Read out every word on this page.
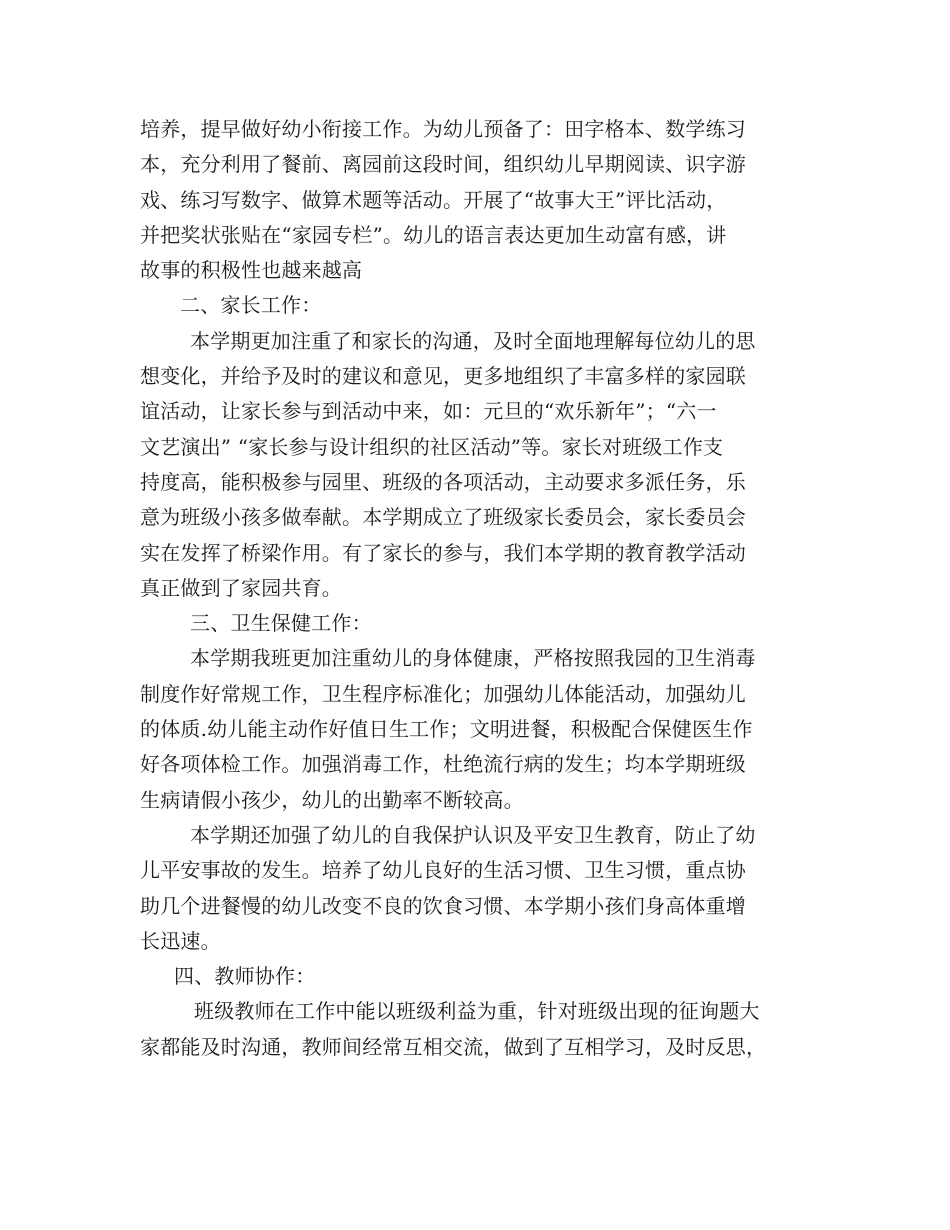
培养，提早做好幼小衔接工作。为幼儿预备了：田字格本、数学练习
本，充分利用了餐前、离园前这段时间，组织幼儿早期阅读、识字游
戏、练习写数字、做算术题等活动。开展了“故事大王”评比活动，
并把奖状张贴在“家园专栏”。幼儿的语言表达更加生动富有感，讲
故事的积极性也越来越高
二、家长工作：
本学期更加注重了和家长的沟通，及时全面地理解每位幼儿的思
想变化，并给予及时的建议和意见，更多地组织了丰富多样的家园联
谊活动，让家长参与到活动中来，如：元旦的“欢乐新年”；“六一
文艺演出” “家长参与设计组织的社区活动”等。家长对班级工作支
持度高，能积极参与园里、班级的各项活动，主动要求多派任务，乐
意为班级小孩多做奉献。本学期成立了班级家长委员会，家长委员会
实在发挥了桥梁作用。有了家长的参与，我们本学期的教育教学活动
真正做到了家园共育。
三、卫生保健工作：
本学期我班更加注重幼儿的身体健康，严格按照我园的卫生消毒
制度作好常规工作，卫生程序标准化；加强幼儿体能活动，加强幼儿
的体质.幼儿能主动作好值日生工作；文明进餐，积极配合保健医生作
好各项体检工作。加强消毒工作，杜绝流行病的发生；均本学期班级
生病请假小孩少，幼儿的出勤率不断较高。
本学期还加强了幼儿的自我保护认识及平安卫生教育，防止了幼
儿平安事故的发生。培养了幼儿良好的生活习惯、卫生习惯，重点协
助几个进餐慢的幼儿改变不良的饮食习惯、本学期小孩们身高体重增
长迅速。
四、教师协作：
班级教师在工作中能以班级利益为重，针对班级出现的征询题大
家都能及时沟通，教师间经常互相交流，做到了互相学习，及时反思，
